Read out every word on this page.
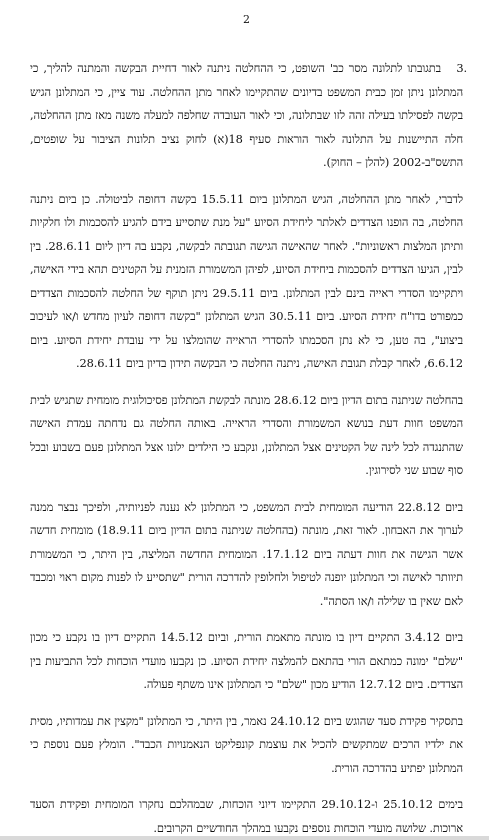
2
3.
בתגובתו לתלונה מסר כב' השופט, כי ההחלטה ניתנה לאור דחיית הבקשה והמתנה להליך, כי המתלונן ניתן זמן כבית המשפט בדיונים שהתקיימו לאחר מתן ההחלטה. עוד ציין, כי המתלונן הגיש בקשה לפסילתו בעילה זהה לזו שבתלונה, וכי לאור העובדה שחלפה למעלה משנה מאז מתן ההחלטה, חלה התיישנות על התלונה לאור הוראות סעיף 18(א) לחוק נציב תלונות הציבור על שופטים, התשס"ב-2002 (להלן – החוק).
לדברי, לאחר מתן ההחלטה, הגיש המתלונן ביום 15.5.11 בקשה דחופה לביטולה. כן ביום ניתנה החלטה, בה הופנו הצדדים לאלתר ליחידת הסיוע "על מנת שתסייע בידם להגיע להסכמות ולו חלקיות ותיתן המלצות ראשוניות". לאחר שהאישה הגישה תגובתה לבקשה, נקבע בה דיון ליום 28.6.11. בין לבין, הגיעו הצדדים להסכמות ביחידת הסיוע, לפיהן המשמורת הזמנית על הקטינים תהא בידי האישה, ויתקיימו הסדרי ראייה בינם לבין המתלונן. ביום 29.5.11 ניתן תוקף של החלטה להסכמות הצדדים כמפורט בדו"ח יחידת הסיוע. ביום 30.5.11 הגיש המתלונן "בקשה דחופה לעיון מחדש ו/או לעיכוב ביצוע", בה טען, כי לא נתן הסכמתו להסדרי הראייה שהומלצו על ידי עובדת יחידת הסיוע. ביום 6.6.12, לאחר קבלת תגובת האישה, ניתנה החלטה כי הבקשה תידון בדיון ביום 28.6.11.
בהחלטה שניתנה בתום הדיון ביום 28.6.12 מונתה לבקשת המתלונן פסיכולוגית מומחית שתגיש לבית המשפט חוות דעת בנושא המשמורת והסדרי הראייה. באותה החלטה גם נדחתה עמדת האישה שהתנגדה לכל לינה של הקטינים אצל המתלונן, ונקבע כי הילדים ילונו אצל המתלונן פעם בשבוע ובכל סוף שבוע שני לסירוגין.
ביום 22.8.12 הודיעה המומחית לבית המשפט, כי המתלונן לא נענה לפניותיה, ולפיכך נבצר ממנה לערוך את האבחון. לאור זאת, מונתה (בהחלטה שניתנה בתום הדיון ביום 18.9.11) מומחית חדשה אשר הגישה את חוות דעתה ביום 17.1.12. המומחית החדשה המליצה, בין היתר, כי המשמורת תיוותר לאישה וכי המתלונן יופנה לטיפול ולחלופין להדרכה הורית "שתסייע לו לפנות מקום ראוי ומכבד לאם שאין בו שלילה ו/או הסתה".
ביום 3.4.12 התקיים דיון בו מונתה מתאמת הורית, וביום 14.5.12 התקיים דיון בו נקבע כי מכון "שלם" ימונה כמתאם הורי בהתאם להמלצה יחידת הסיוע. כן נקבעו מועדי הוכחות לכל התביעות בין הצדדים. ביום 12.7.12 הודיע מכון "שלם" כי המתלונן אינו משתף פעולה.
בתסקיר פקידת סעד שהוגש ביום 24.10.12 נאמר, בין היתר, כי המתלונן "מקצין את עמדותיו, מסית את ילדיו הרכים שמתקשים להכיל את עוצמת קונפליקט הנאמנויות הכבד". הומלץ פעם נוספת כי המתלונן יפתיע בהדרכה הורית.
בימים 25.10.12 ו-29.10.12 התקיימו דיוני הוכחות, שבמהלכם נחקרו המומחית ופקידת הסעד ארוכות. שלושה מועדי הוכחות נוספים נקבעו במהלך החודשיים הקרובים.
